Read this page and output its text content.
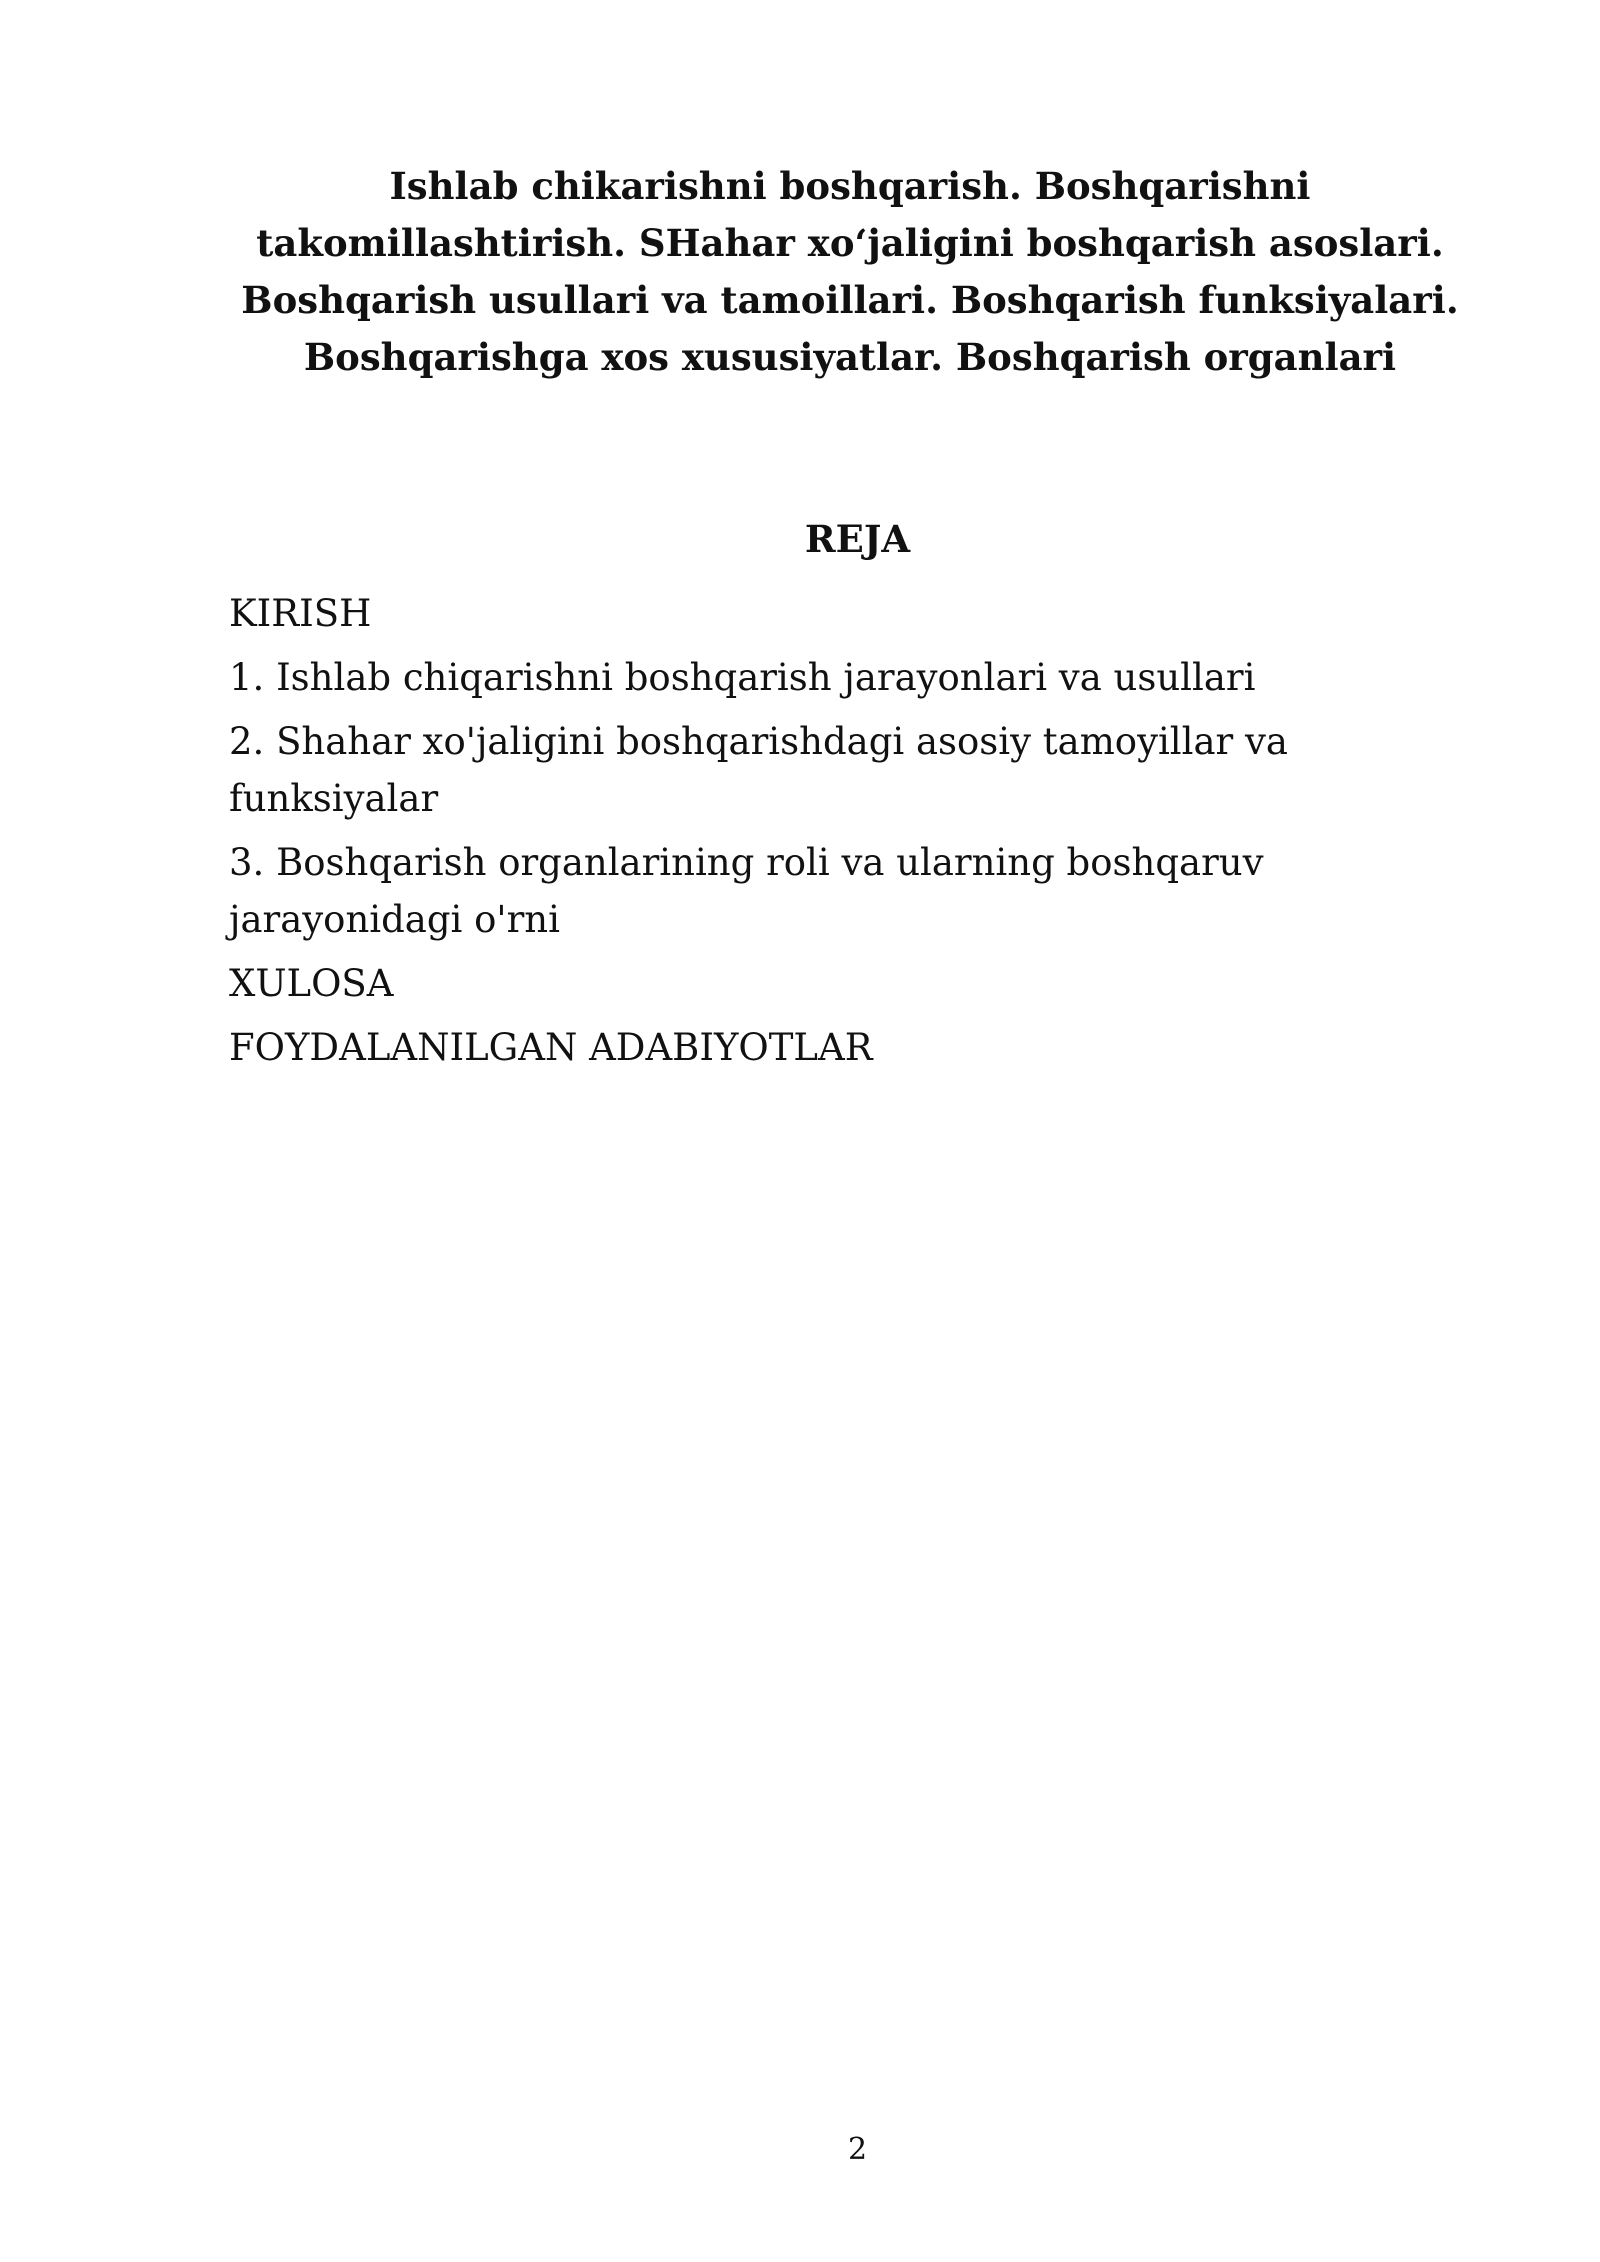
Ishlab chikarishni boshqarish. Boshqarishni
takomillashtirish. SHahar xo‘jaligini boshqarish asoslari.
Boshqarish usullari va tamoillari. Boshqarish funksiyalari.
Boshqarishga xos xususiyatlar. Boshqarish organlari
REJA
KIRISH
1. Ishlab chiqarishni boshqarish jarayonlari va usullari
2. Shahar xo'jaligini boshqarishdagi asosiy tamoyillar va
funksiyalar
3. Boshqarish organlarining roli va ularning boshqaruv
jarayonidagi o'rni
XULOSA
FOYDALANILGAN ADABIYOTLAR
2
